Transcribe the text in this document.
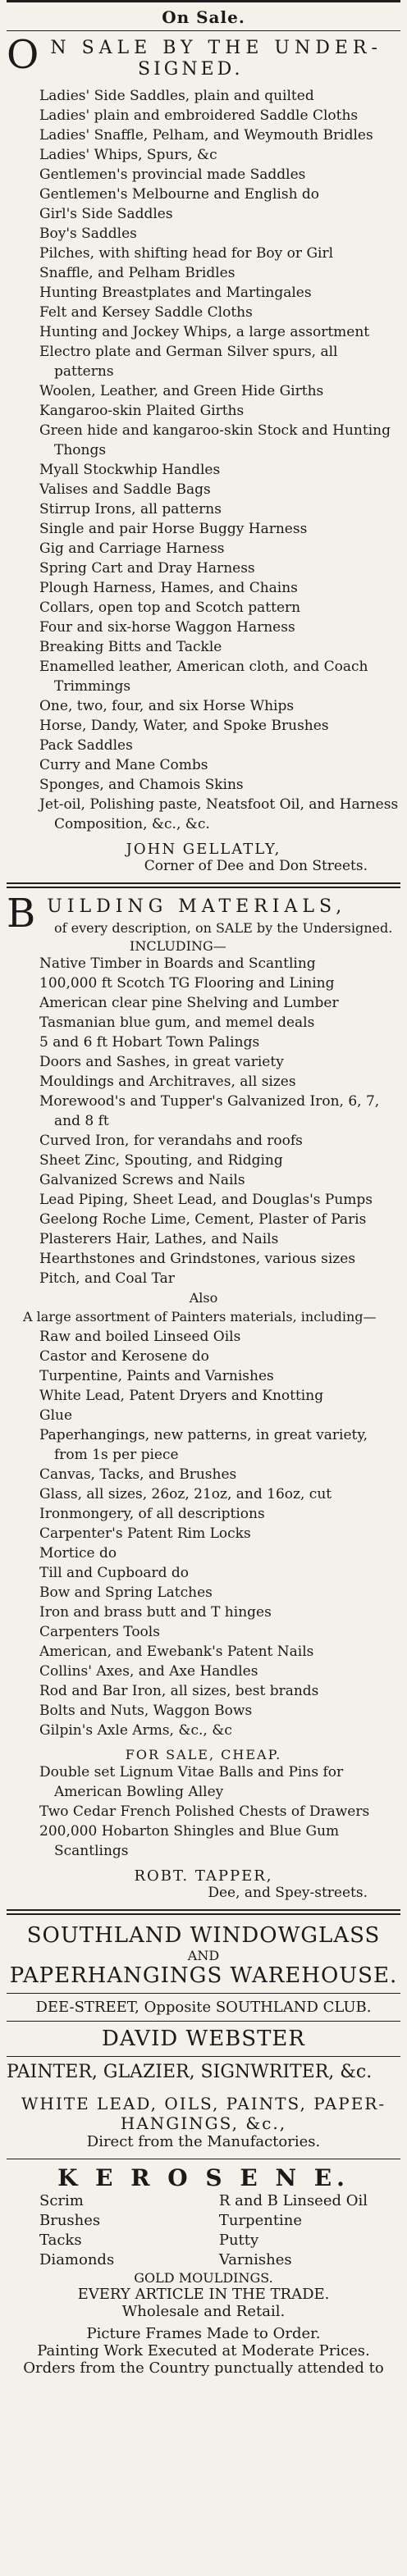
On Sale.
O N SALE BY THE UNDER-
SIGNED.
Ladies' Side Saddles, plain and quilted
Ladies' plain and embroidered Saddle Cloths
Ladies' Snaffle, Pelham, and Weymouth Bridles
Ladies' Whips, Spurs, &c
Gentlemen's provincial made Saddles
Gentlemen's Melbourne and English do
Girl's Side Saddles
Boy's Saddles
Pilches, with shifting head for Boy or Girl
Snaffle, and Pelham Bridles
Hunting Breastplates and Martingales
Felt and Kersey Saddle Cloths
Hunting and Jockey Whips, a large assortment
Electro plate and German Silver spurs, all patterns
Woolen, Leather, and Green Hide Girths
Kangaroo-skin Plaited Girths
Green hide and kangaroo-skin Stock and Hunting Thongs
Myall Stockwhip Handles
Valises and Saddle Bags
Stirrup Irons, all patterns
Single and pair Horse Buggy Harness
Gig and Carriage Harness
Spring Cart and Dray Harness
Plough Harness, Hames, and Chains
Collars, open top and Scotch pattern
Four and six-horse Waggon Harness
Breaking Bitts and Tackle
Enamelled leather, American cloth, and Coach Trimmings
One, two, four, and six Horse Whips
Horse, Dandy, Water, and Spoke Brushes
Pack Saddles
Curry and Mane Combs
Sponges, and Chamois Skins
Jet-oil, Polishing paste, Neatsfoot Oil, and Harness Composition, &c., &c.
JOHN GELLATLY,
Corner of Dee and Don Streets.
B UILDING MATERIALS,
of every description, on SALE by the Undersigned.
INCLUDING—
Native Timber in Boards and Scantling
100,000 ft Scotch TG Flooring and Lining
American clear pine Shelving and Lumber
Tasmanian blue gum, and memel deals
5 and 6 ft Hobart Town Palings
Doors and Sashes, in great variety
Mouldings and Architraves, all sizes
Morewood's and Tupper's Galvanized Iron, 6, 7, and 8 ft
Curved Iron, for verandahs and roofs
Sheet Zinc, Spouting, and Ridging
Galvanized Screws and Nails
Lead Piping, Sheet Lead, and Douglas's Pumps
Geelong Roche Lime, Cement, Plaster of Paris
Plasterers Hair, Lathes, and Nails
Hearthstones and Grindstones, various sizes
Pitch, and Coal Tar
Also
A large assortment of Painters materials, including—
Raw and boiled Linseed Oils
Castor and Kerosene do
Turpentine, Paints and Varnishes
White Lead, Patent Dryers and Knotting
Glue
Paperhangings, new patterns, in great variety, from 1s per piece
Canvas, Tacks, and Brushes
Glass, all sizes, 26oz, 21oz, and 16oz, cut
Ironmongery, of all descriptions
Carpenter's Patent Rim Locks
Mortice do
Till and Cupboard do
Bow and Spring Latches
Iron and brass butt and T hinges
Carpenters Tools
American, and Ewebank's Patent Nails
Collins' Axes, and Axe Handles
Rod and Bar Iron, all sizes, best brands
Bolts and Nuts, Waggon Bows
Gilpin's Axle Arms, &c., &c
FOR SALE, CHEAP.
Double set Lignum Vitae Balls and Pins for American Bowling Alley
Two Cedar French Polished Chests of Drawers
200,000 Hobarton Shingles and Blue Gum Scantlings
ROBT. TAPPER,
Dee, and Spey-streets.
SOUTHLAND WINDOWGLASS
AND
PAPERHANGINGS WAREHOUSE.
DEE-STREET, Opposite SOUTHLAND CLUB.
DAVID WEBSTER
PAINTER, GLAZIER, SIGNWRITER, &c.
WHITE LEAD, OILS, PAINTS, PAPER-HANGINGS, &c.,
Direct from the Manufactories.
K E R O S E N E.
Scrim
Brushes
Tacks
Diamonds
R and B Linseed Oil
Turpentine
Putty
Varnishes
GOLD MOULDINGS.
EVERY ARTICLE IN THE TRADE.
Wholesale and Retail.
Picture Frames Made to Order.
Painting Work Executed at Moderate Prices.
Orders from the Country punctually attended to
